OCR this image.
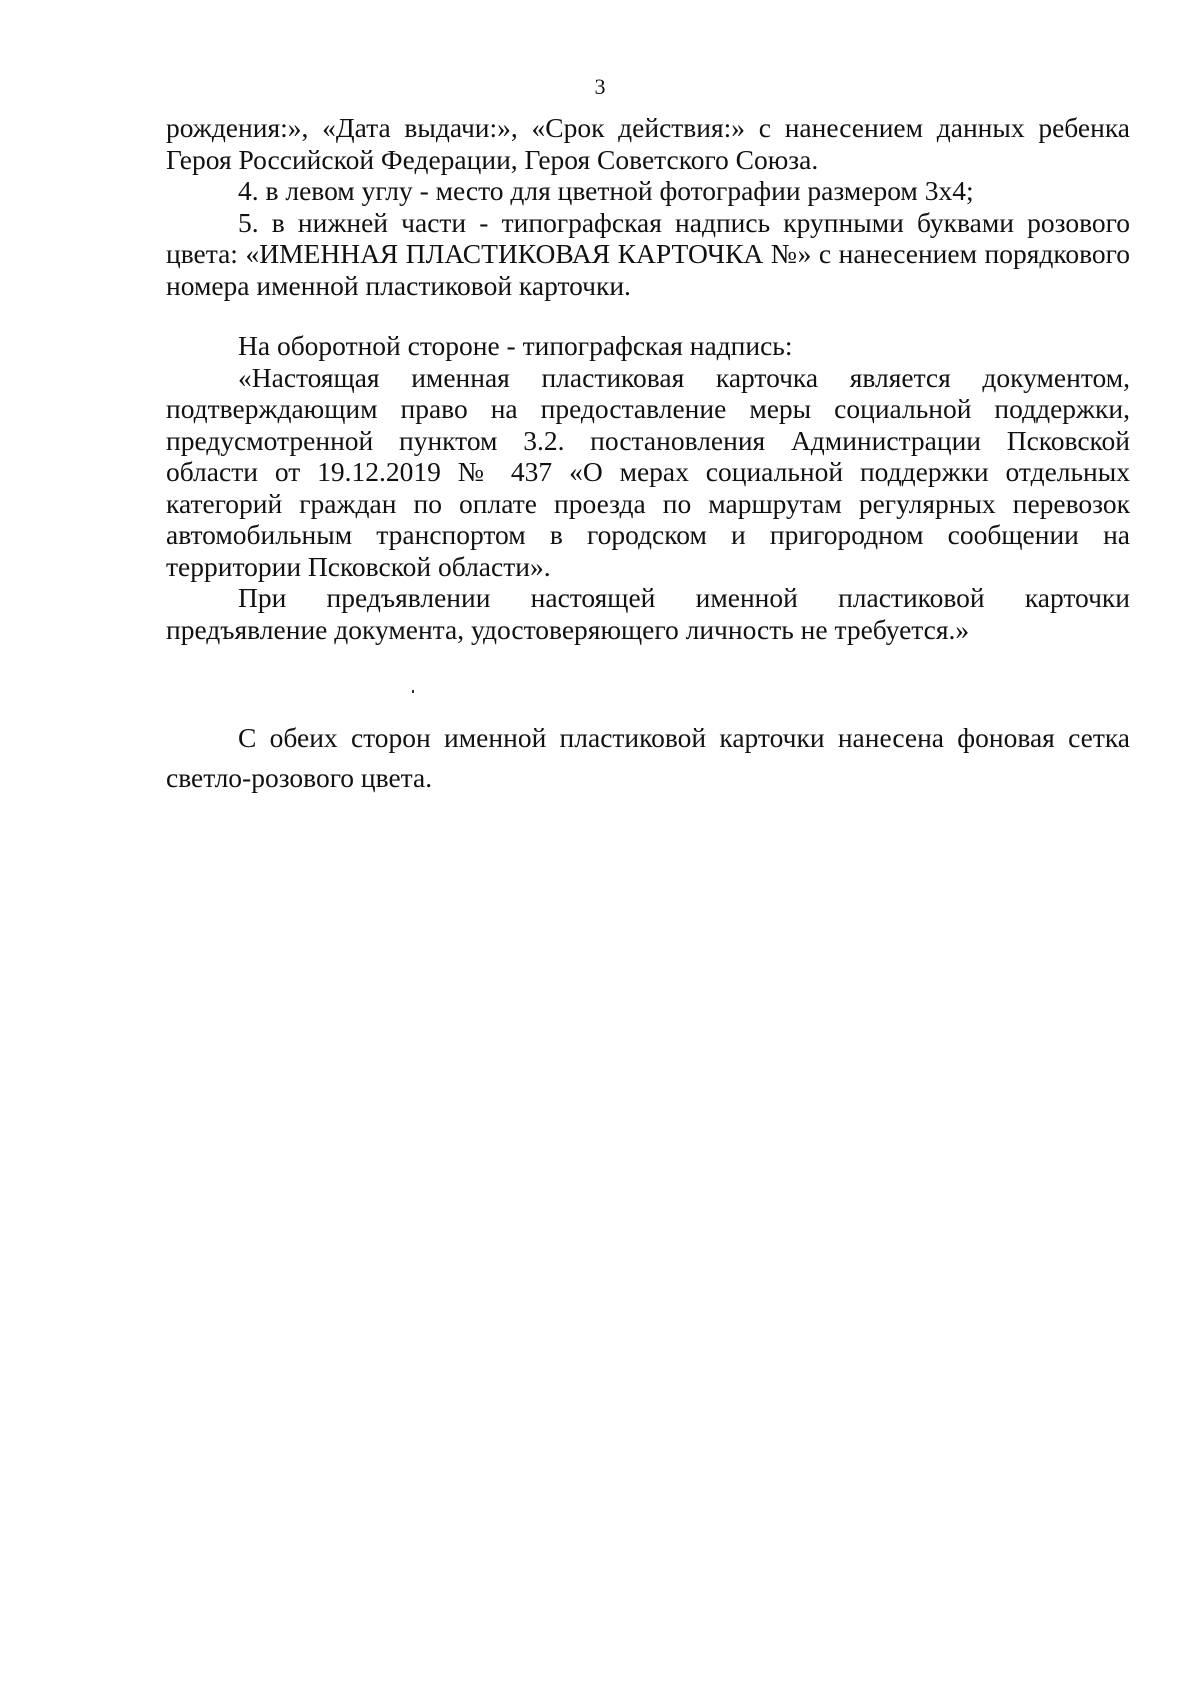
3

рождения:», «Дата выдачи:», «Срок действия:» с нанесением данных ребенка Героя Российской Федерации, Героя Советского Союза.

4. в левом углу - место для цветной фотографии размером 3х4;

5. в нижней части - типографская надпись крупными буквами розового цвета: «ИМЕННАЯ ПЛАСТИКОВАЯ КАРТОЧКА №» с нанесением порядкового номера именной пластиковой карточки.

На оборотной стороне - типографская надпись:

«Настоящая именная пластиковая карточка является документом, подтверждающим право на предоставление меры социальной поддержки, предусмотренной пунктом 3.2. постановления Администрации Псковской области от 19.12.2019 № 437 «О мерах социальной поддержки отдельных категорий граждан по оплате проезда по маршрутам регулярных перевозок автомобильным транспортом в городском и пригородном сообщении на территории Псковской области».

При предъявлении настоящей именной пластиковой карточки предъявление документа, удостоверяющего личность не требуется.»

С обеих сторон именной пластиковой карточки нанесена фоновая сетка светло-розового цвета.
